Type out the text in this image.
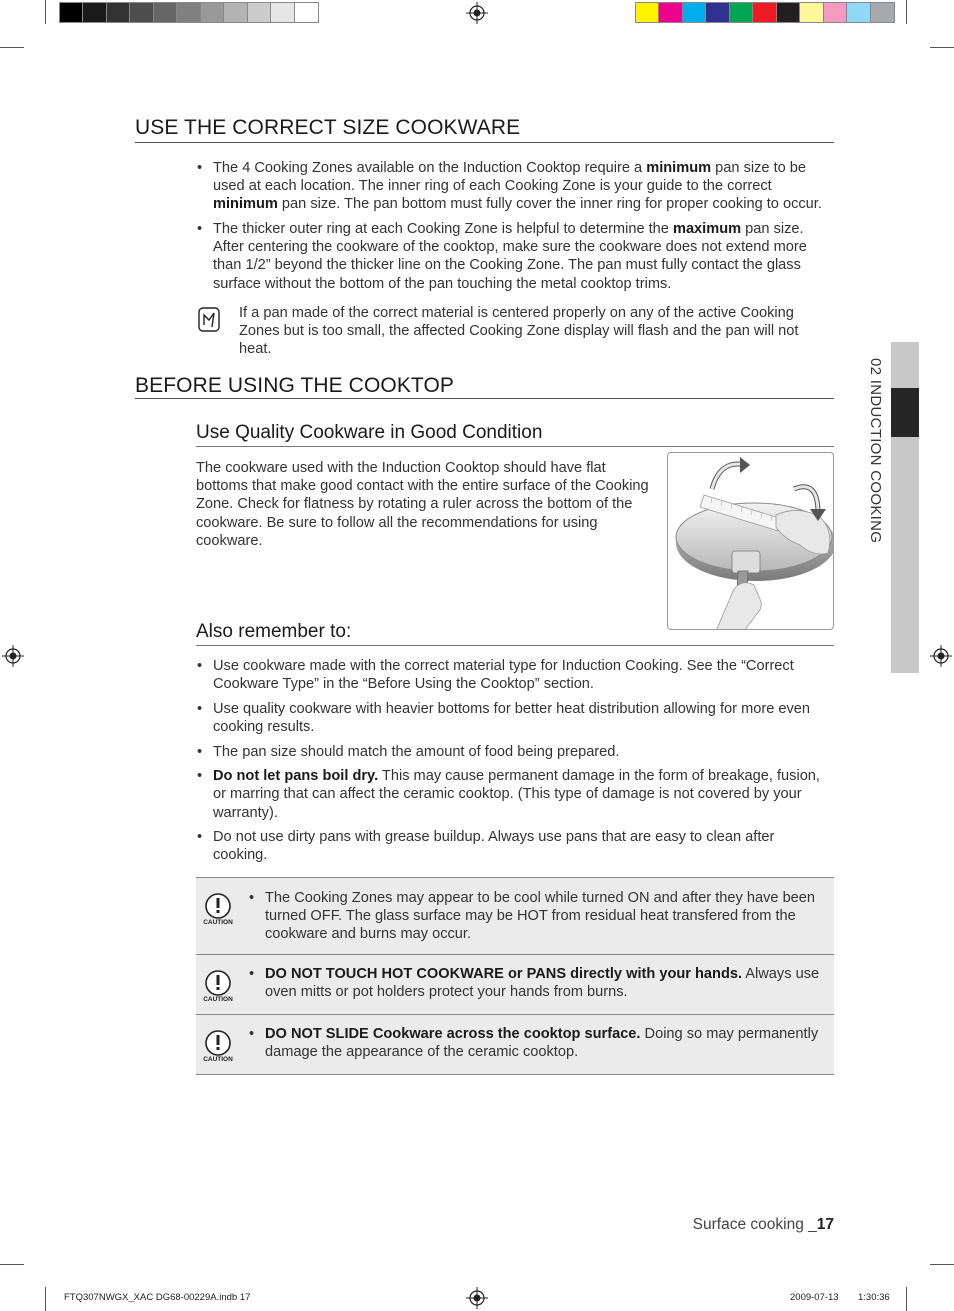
02 INDUCTION COOKING
USE THE CORRECT SIZE COOKWARE
• The 4 Cooking Zones available on the Induction Cooktop require a minimum pan size to be used at each location. The inner ring of each Cooking Zone is your guide to the correct minimum pan size. The pan bottom must fully cover the inner ring for proper cooking to occur.
• The thicker outer ring at each Cooking Zone is helpful to determine the maximum pan size. After centering the cookware of the cooktop, make sure the cookware does not extend more than 1/2” beyond the thicker line on the Cooking Zone. The pan must fully contact the glass surface without the bottom of the pan touching the metal cooktop trims.
If a pan made of the correct material is centered properly on any of the active Cooking Zones but is too small, the affected Cooking Zone display will flash and the pan will not heat.
BEFORE USING THE COOKTOP
Use Quality Cookware in Good Condition
The cookware used with the Induction Cooktop should have flat bottoms that make good contact with the entire surface of the Cooking Zone. Check for flatness by rotating a ruler across the bottom of the cookware. Be sure to follow all the recommendations for using cookware.
Also remember to:
• Use cookware made with the correct material type for Induction Cooking. See the “Correct Cookware Type” in the “Before Using the Cooktop” section.
• Use quality cookware with heavier bottoms for better heat distribution allowing for more even cooking results.
• The pan size should match the amount of food being prepared.
• Do not let pans boil dry. This may cause permanent damage in the form of breakage, fusion, or marring that can affect the ceramic cooktop. (This type of damage is not covered by your warranty).
• Do not use dirty pans with grease buildup. Always use pans that are easy to clean after cooking.
CAUTION
• The Cooking Zones may appear to be cool while turned ON and after they have been turned OFF. The glass surface may be HOT from residual heat transfered from the cookware and burns may occur.
CAUTION
• DO NOT TOUCH HOT COOKWARE or PANS directly with your hands. Always use oven mitts or pot holders protect your hands from burns.
CAUTION
• DO NOT SLIDE Cookware across the cooktop surface. Doing so may permanently damage the appearance of the ceramic cooktop.
Surface cooking _17
FTQ307NWGX_XAC DG68-00229A.indb 17	2009-07-13 1:30:36
